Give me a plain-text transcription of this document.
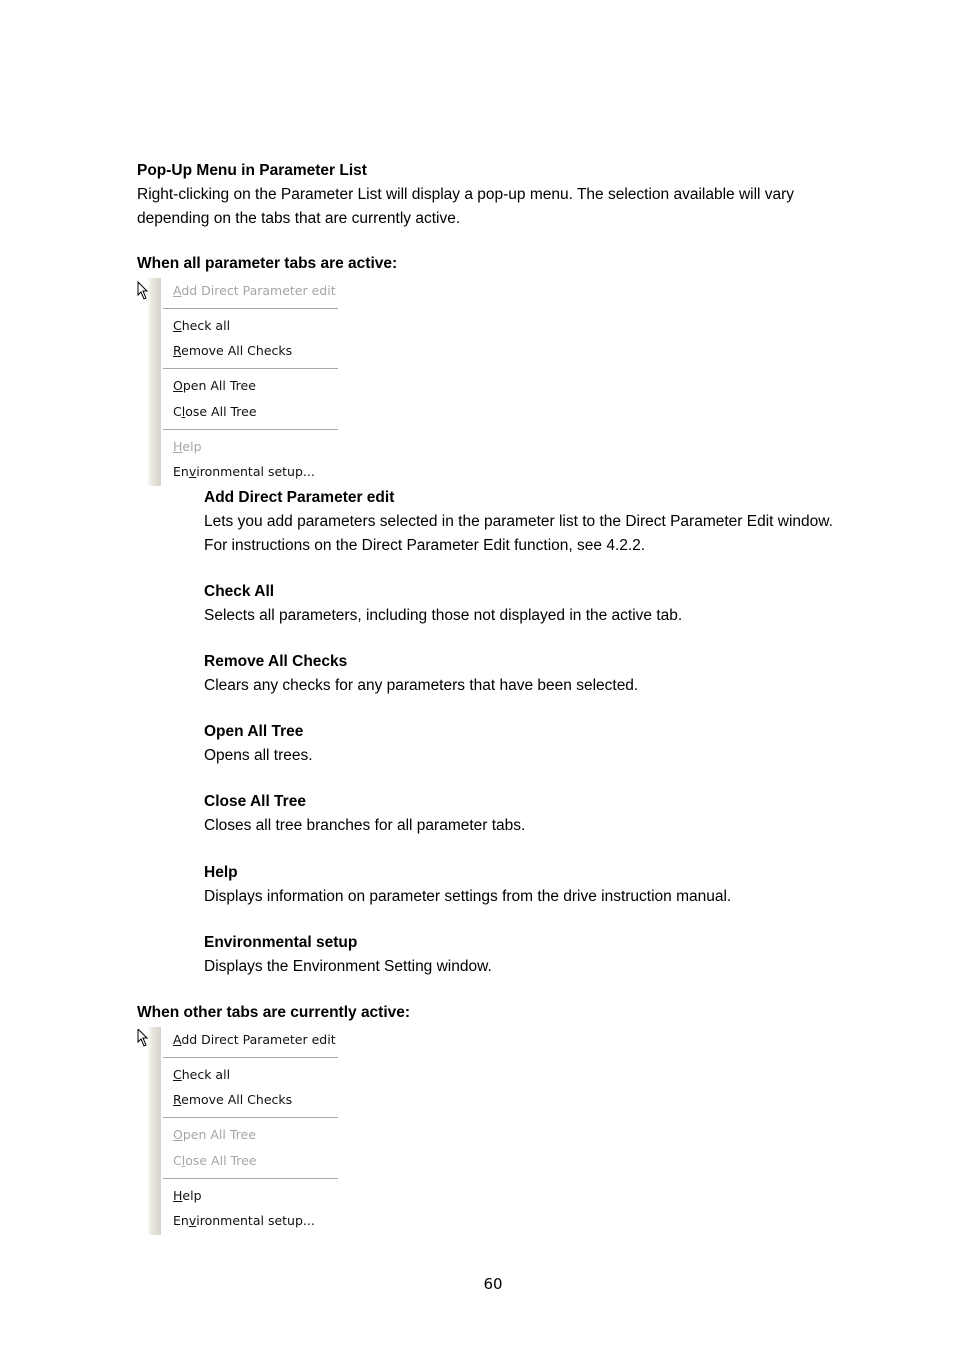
Pop-Up Menu in Parameter List
Right-clicking on the Parameter List will display a pop-up menu. The selection available will vary
depending on the tabs that are currently active.
When all parameter tabs are active:
Add Direct Parameter edit
Check all
Remove All Checks
Open All Tree
Close All Tree
Help
Environmental setup...
Add Direct Parameter edit
Lets you add parameters selected in the parameter list to the Direct Parameter Edit window.
For instructions on the Direct Parameter Edit function, see 4.2.2.
Check All
Selects all parameters, including those not displayed in the active tab.
Remove All Checks
Clears any checks for any parameters that have been selected.
Open All Tree
Opens all trees.
Close All Tree
Closes all tree branches for all parameter tabs.
Help
Displays information on parameter settings from the drive instruction manual.
Environmental setup
Displays the Environment Setting window.
When other tabs are currently active:
Add Direct Parameter edit
Check all
Remove All Checks
Open All Tree
Close All Tree
Help
Environmental setup...
60
